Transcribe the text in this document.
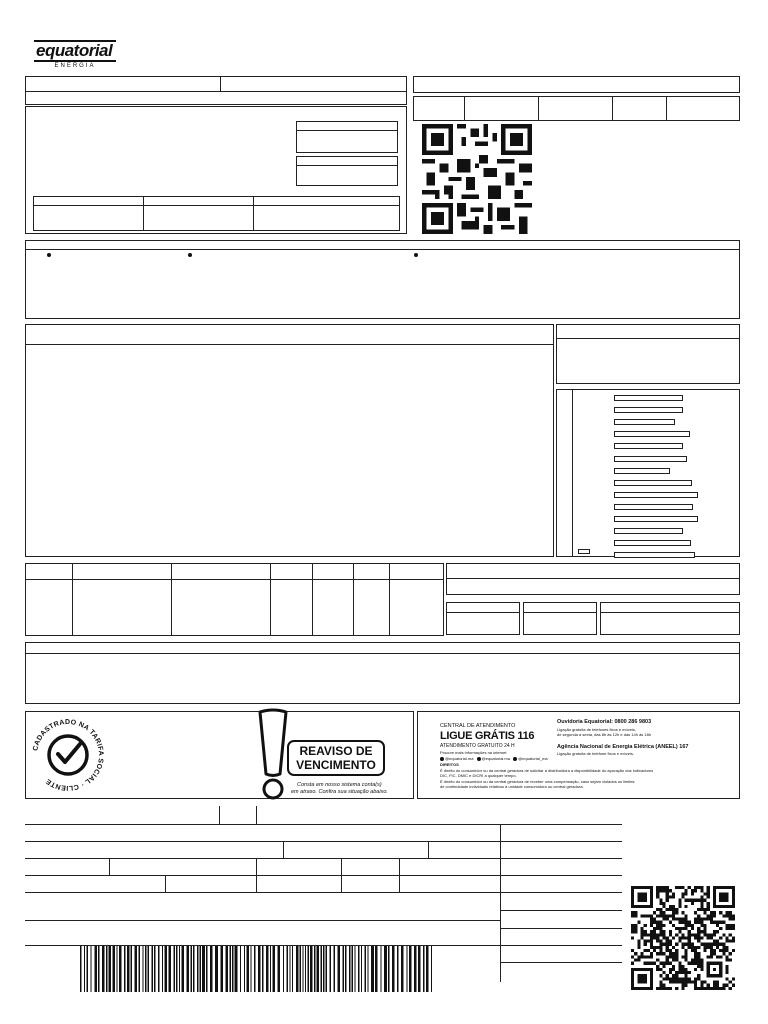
equatorial
ENERGIA
CADASTRADO NA TARIFA SOCIAL · CLIENTE
REAVISO DE
VENCIMENTO
Consta em nosso sistema conta(s)
em atraso. Confira sua situação abaixo.
CENTRAL DE ATENDIMENTO
LIGUE GRÁTIS 116
ATENDIMENTO GRATUITO 24 H
Procure mais informações na internet
@equatorial.ma @equatorial.ma @equatorial_ma
Ouvidoria Equatorial: 0800 286 9803
Ligação gratuita de telefones fixos e móveis,
de segunda a sexta, das 8h às 12h e das 14h às 18h
Agência Nacional de Energia Elétrica (ANEEL) 167
Ligação gratuita de telefone fixos e móveis.
DIREITOS
É direito do consumidor ou da central geradora de solicitar à distribuidora a disponibilidade do apuração dos indicadores
DIC, FIC, DMIC e DICRI a qualquer tempo.
É direito do consumidor ou da central geradora de receber uma compensação, caso sejam violados os limites
de continuidade individuais relativos à unidade consumidora ou central geradora.
